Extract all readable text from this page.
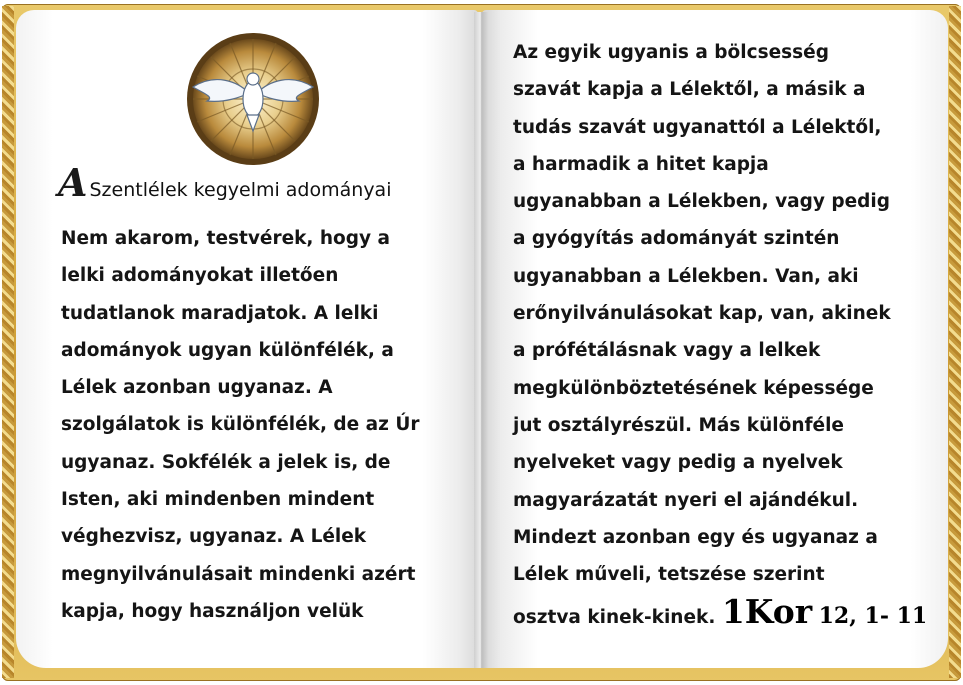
A Szentlélek kegyelmi adományai
Nem akarom, testvérek, hogy a
lelki adományokat illetően
tudatlanok maradjatok. A lelki
adományok ugyan különfélék, a
Lélek azonban ugyanaz. A
szolgálatok is különfélék, de az Úr
ugyanaz. Sokfélék a jelek is, de
Isten, aki mindenben mindent
véghezvisz, ugyanaz. A Lélek
megnyilvánulásait mindenki azért
kapja, hogy használjon velük
Az egyik ugyanis a bölcsesség
szavát kapja a Lélektől, a másik a
tudás szavát ugyanattól a Lélektől,
a harmadik a hitet kapja
ugyanabban a Lélekben, vagy pedig
a gyógyítás adományát szintén
ugyanabban a Lélekben. Van, aki
erőnyilvánulásokat kap, van, akinek
a prófétálásnak vagy a lelkek
megkülönböztetésének képessége
jut osztályrészül. Más különféle
nyelveket vagy pedig a nyelvek
magyarázatát nyeri el ajándékul.
Mindezt azonban egy és ugyanaz a
Lélek műveli, tetszése szerint
osztva kinek-kinek. 1Kor 12, 1- 11
